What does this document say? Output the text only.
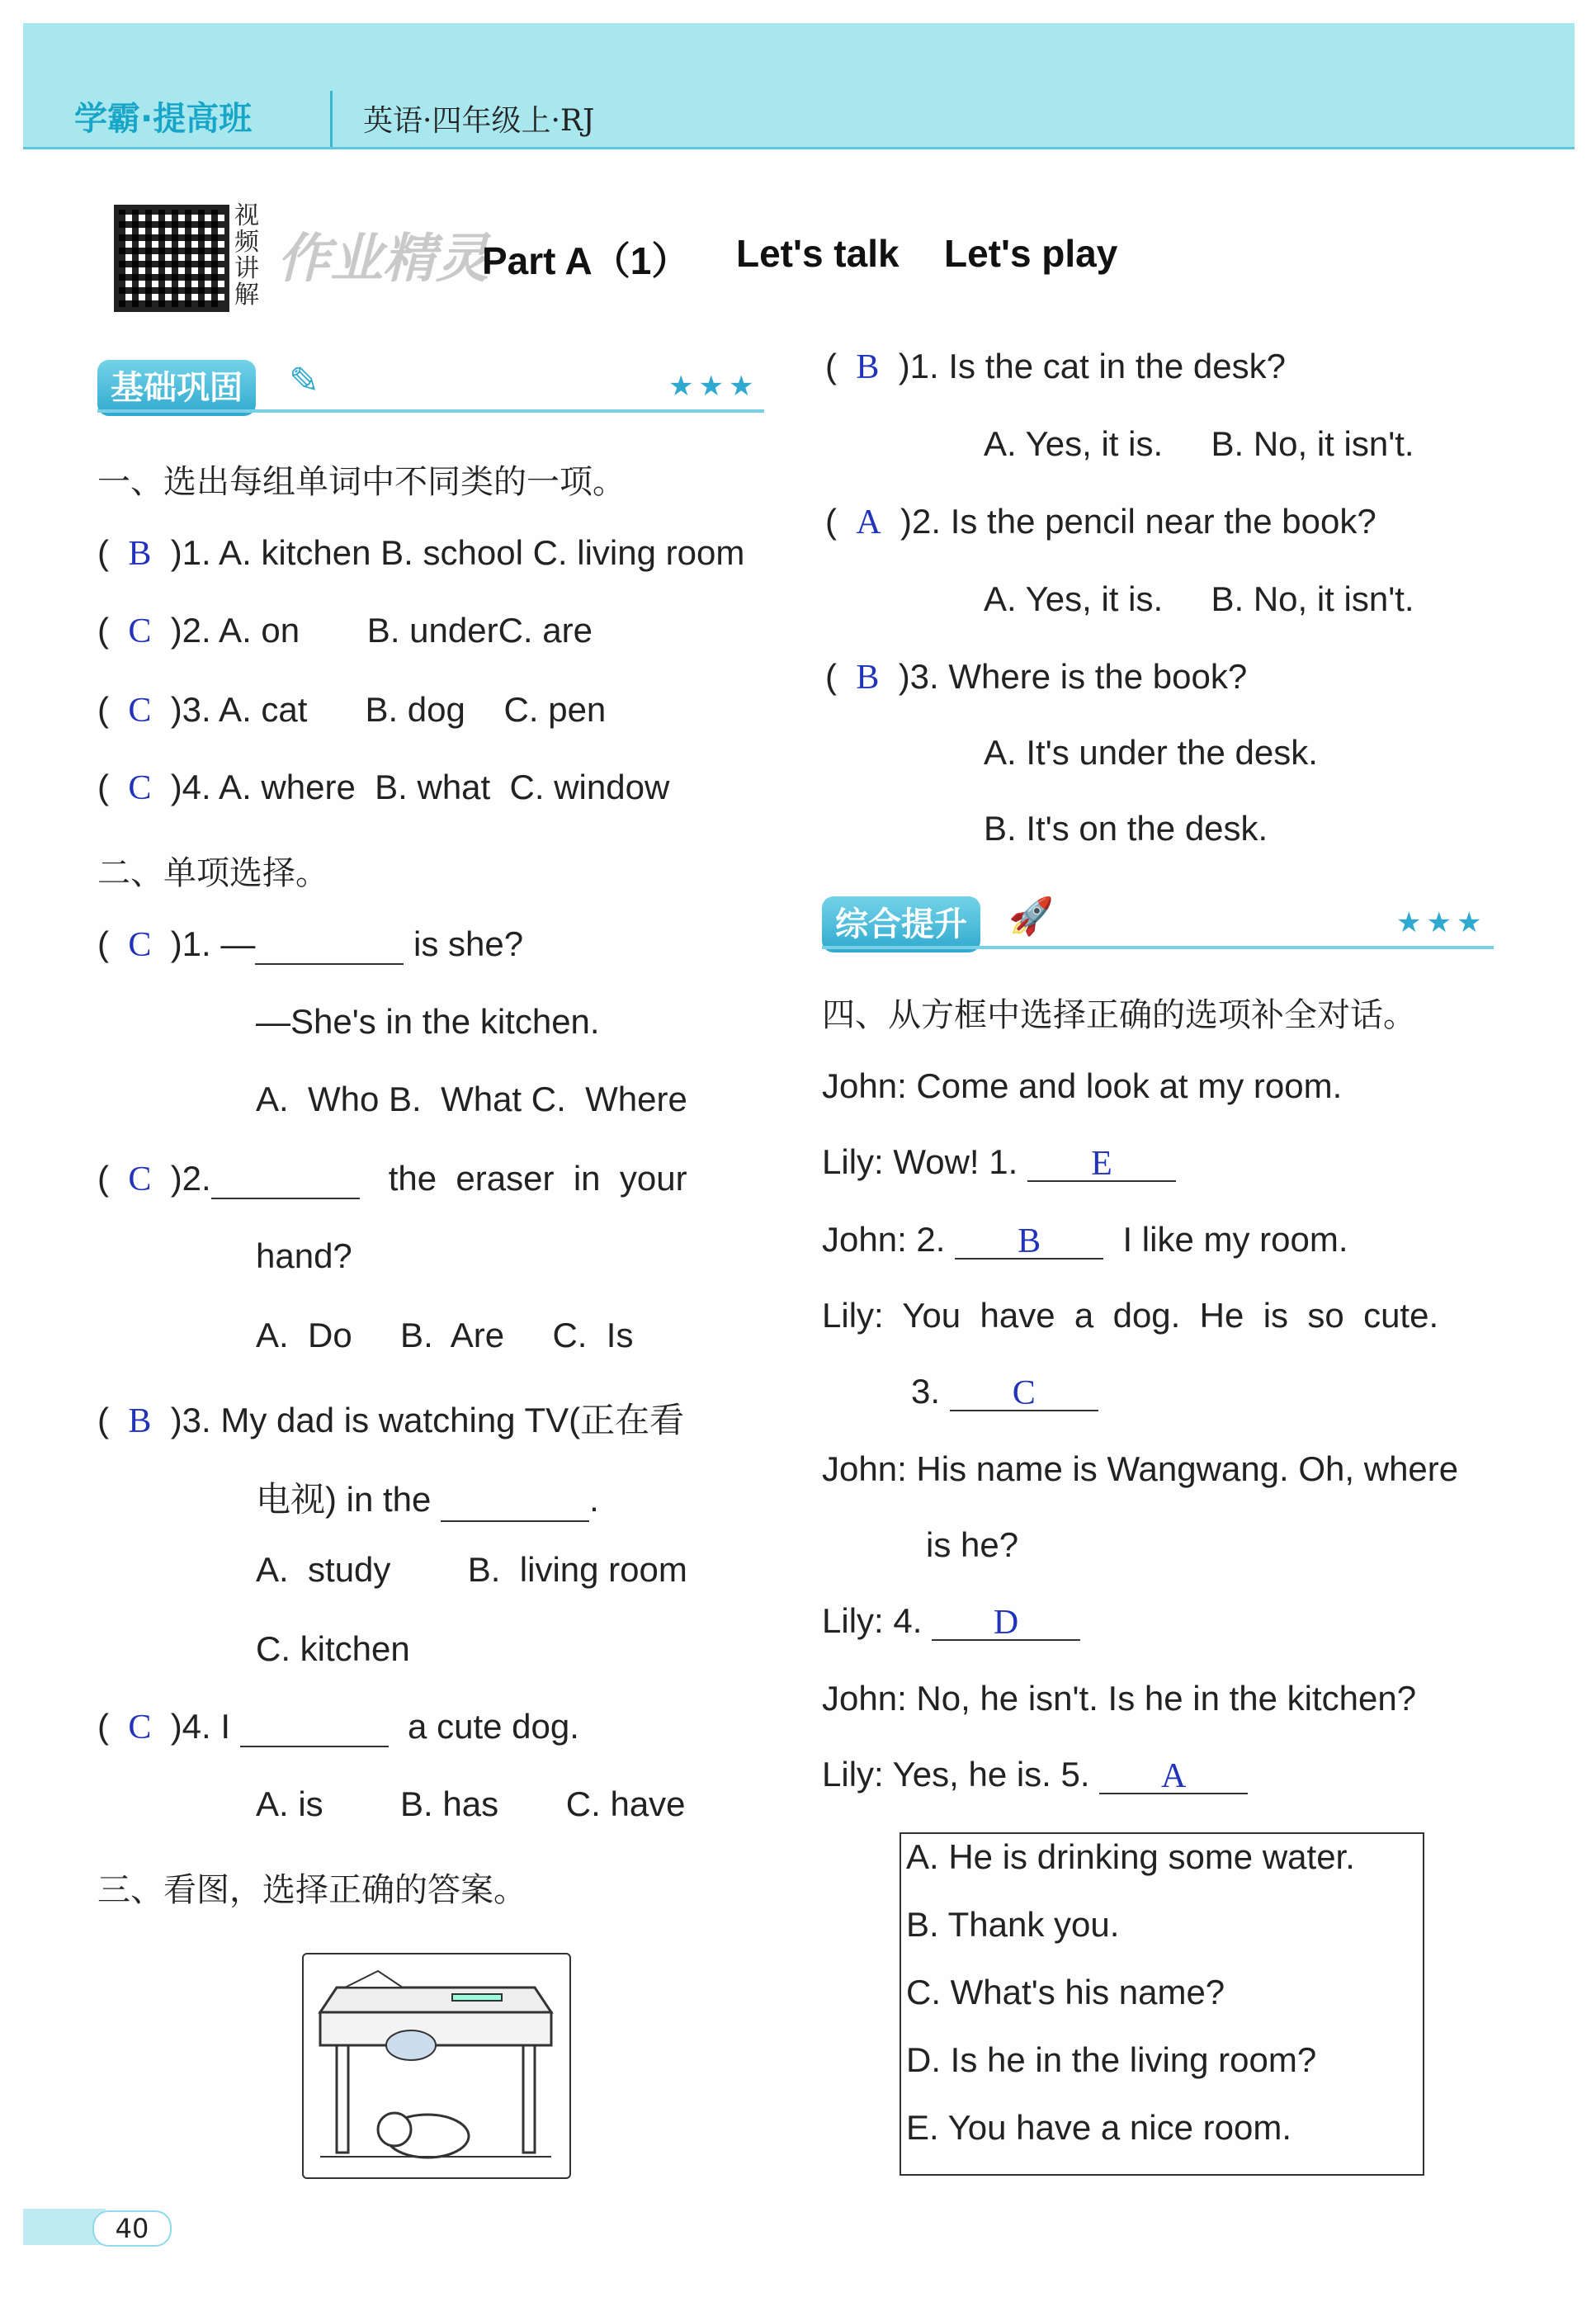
学霸·提高班	英语·四年级上·RJ
视频讲解
作业精灵
Part A（1） Let's talk Let's play
基础巩固	✎	★★★
一、选出每组单词中不同类的一项。
(  B )1. A. kitchen B. school C. living room
(  C )2. A. on       B. underC. are
(  C )3. A. cat      B. dog    C. pen
(  C )4. A. where  B. what  C. window
二、单项选择。
(  C )1. —	is she?
—She's in the kitchen.
A.  Who B.  What C.  Where
(  C )2.	the  eraser  in  your
hand?
A.  Do     B.  Are     C.  Is
(  B )3. My dad is watching TV(正在看
电视) in the	.
A.  study        B.  living room
C. kitchen
(  C )4. I	a cute dog.
A. is        B. has       C. have
三、看图，选择正确的答案。
(  B )1. Is the cat in the desk?
A. Yes, it is.     B. No, it isn't.
(  A )2. Is the pencil near the book?
A. Yes, it is.     B. No, it isn't.
(  B )3. Where is the book?
A. It's under the desk.
B. It's on the desk.
综合提升	🚀	★★★
四、从方框中选择正确的选项补全对话。
John: Come and look at my room.
Lily: Wow! 1. E
John: 2. B  I like my room.
Lily:  You  have  a  dog.  He  is  so  cute.
3. C
John: His name is Wangwang. Oh, where
is he?
Lily: 4. D
John: No, he isn't. Is he in the kitchen?
Lily: Yes, he is. 5. A
A. He is drinking some water.
B. Thank you.
C. What's his name?
D. Is he in the living room?
E. You have a nice room.
40
